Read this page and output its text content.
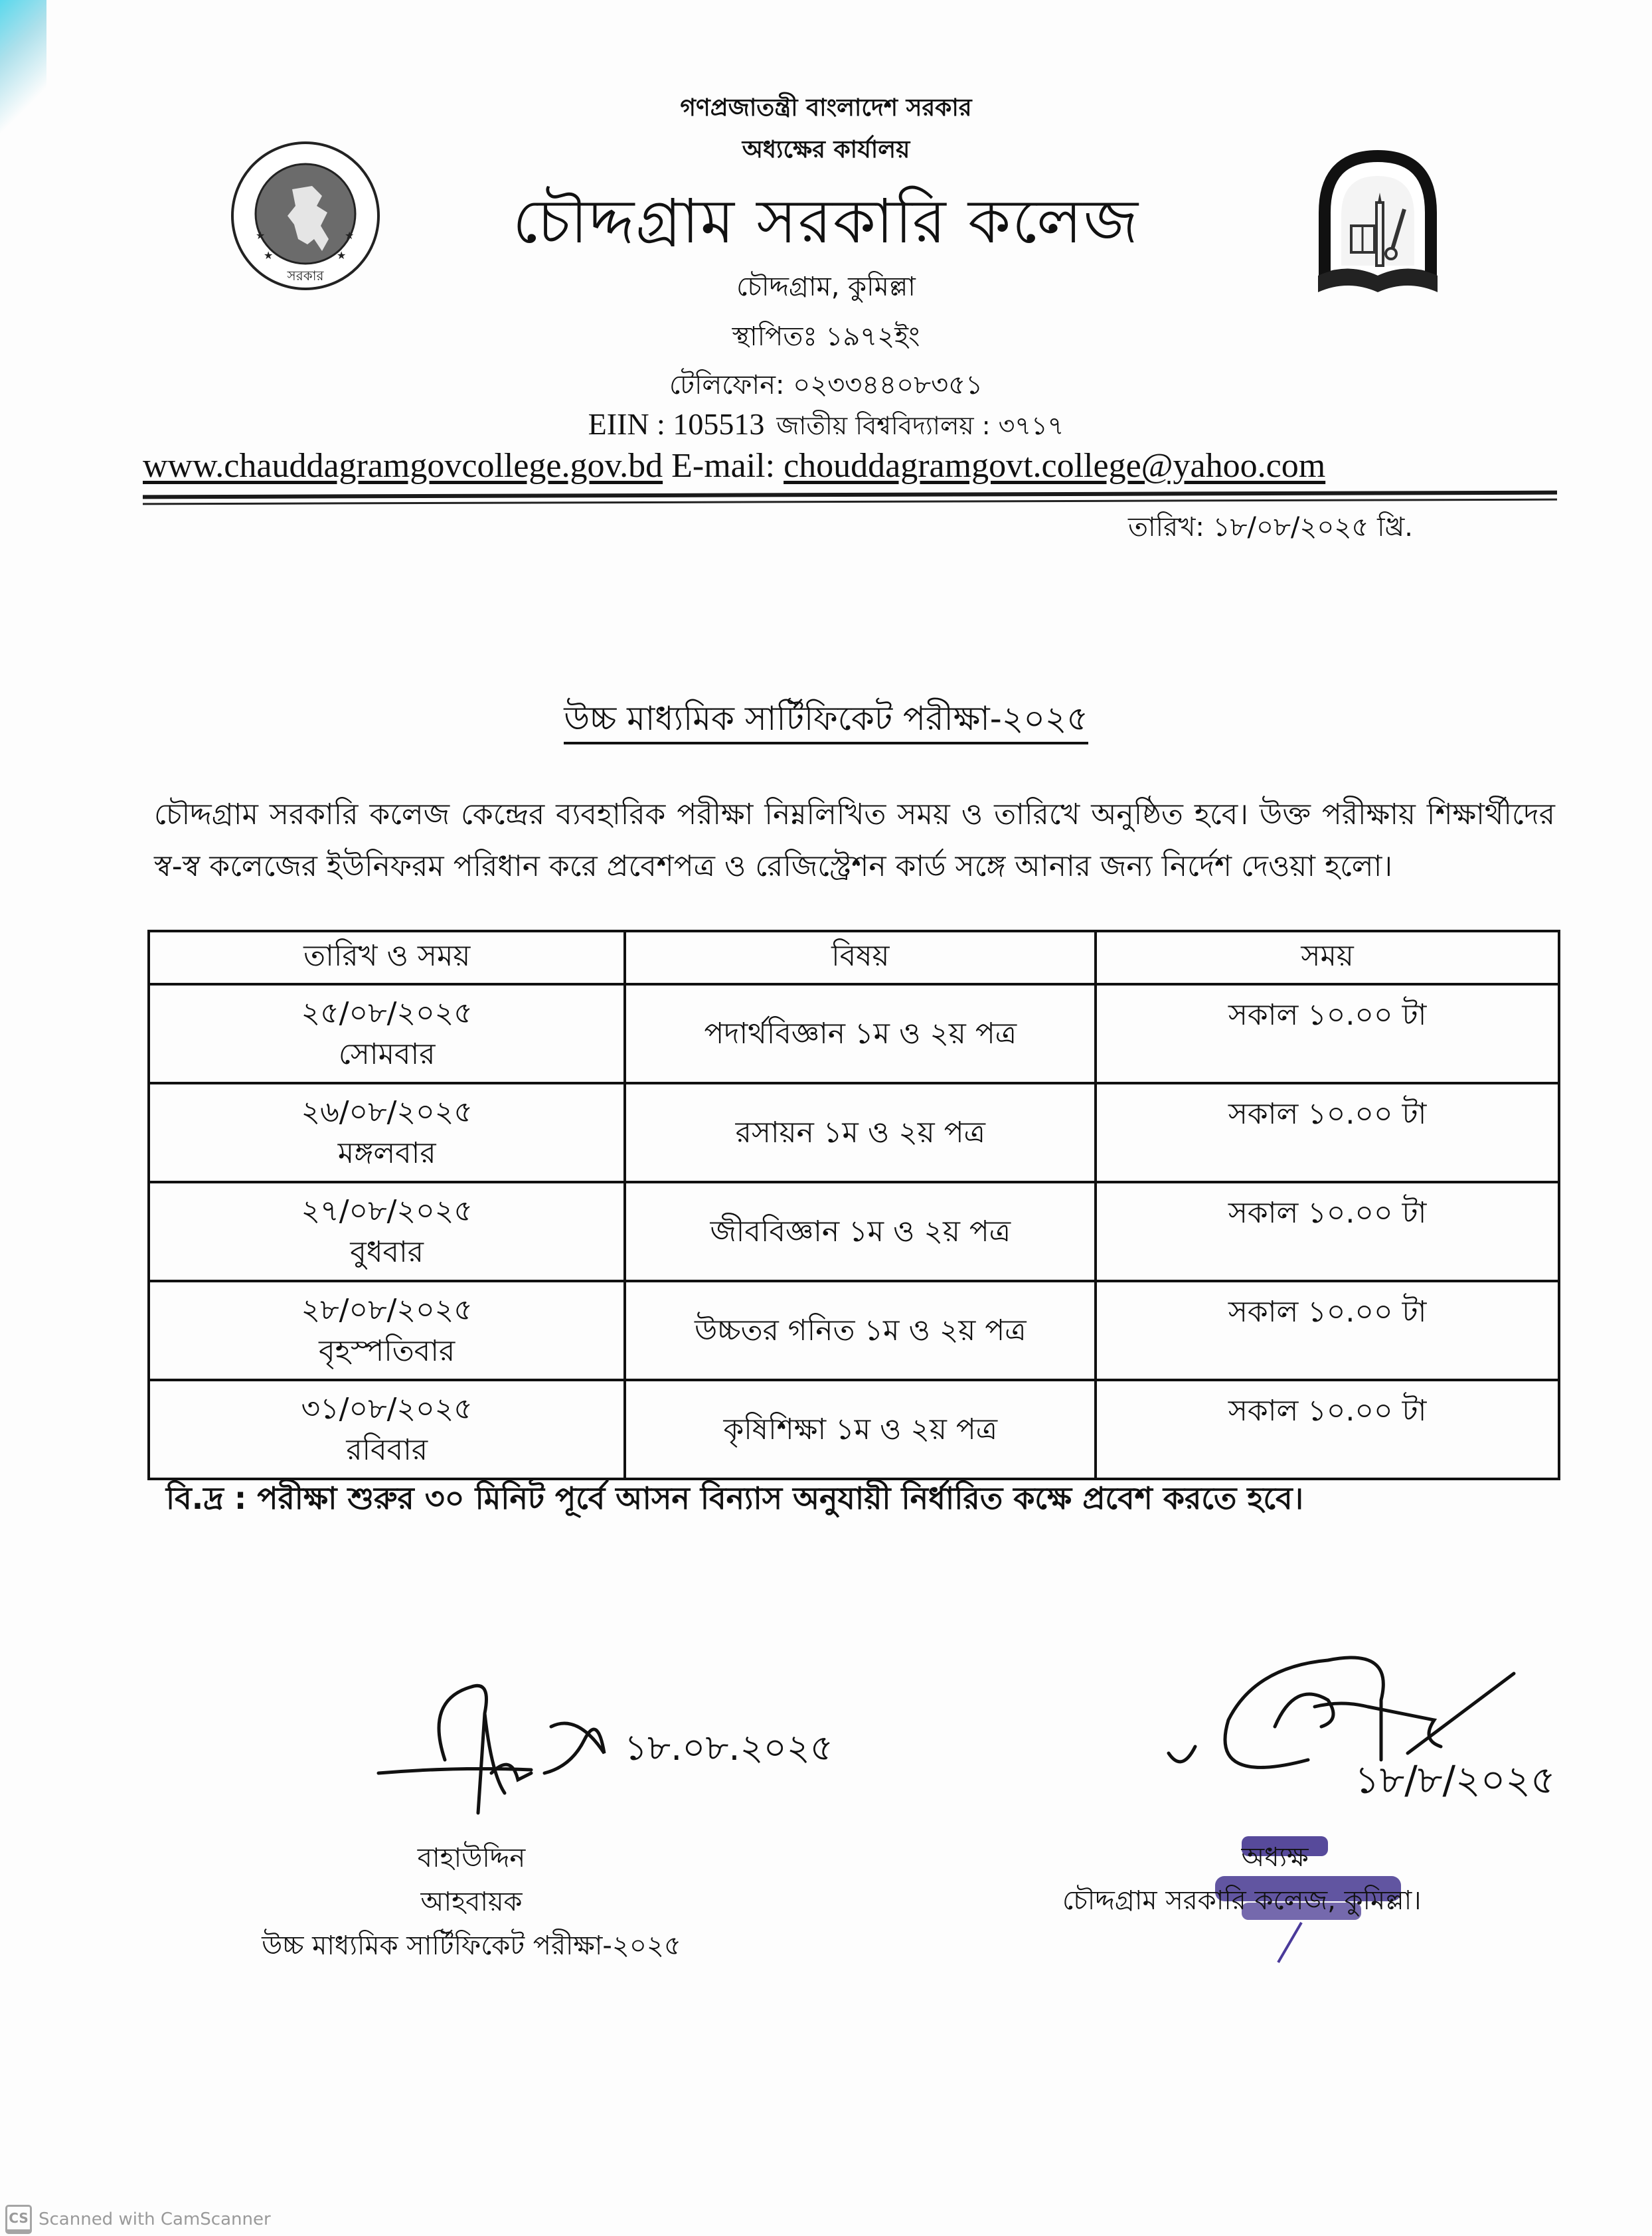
★	★
★	★
সরকার
গণপ্রজাতন্ত্রী বাংলাদেশ সরকার
অধ্যক্ষের কার্যালয়
চৌদ্দগ্রাম সরকারি কলেজ
চৌদ্দগ্রাম, কুমিল্লা
স্থাপিতঃ ১৯৭২ইং
টেলিফোন: ০২৩৩৪৪০৮৩৫১
EIIN : 105513 জাতীয় বিশ্ববিদ্যালয় : ৩৭১৭
www.chauddagramgovcollege.gov.bd E-mail: chouddagramgovt.college@yahoo.com
তারিখ: ১৮/০৮/২০২৫ খ্রি.
উচ্চ মাধ্যমিক সার্টিফিকেট পরীক্ষা-২০২৫
চৌদ্দগ্রাম সরকারি কলেজ কেন্দ্রের ব্যবহারিক পরীক্ষা নিম্নলিখিত সময় ও তারিখে অনুষ্ঠিত হবে। উক্ত পরীক্ষায় শিক্ষার্থীদের স্ব-স্ব কলেজের ইউনিফরম পরিধান করে প্রবেশপত্র ও রেজিস্ট্রেশন কার্ড সঙ্গে আনার জন্য নির্দেশ দেওয়া হলো।
তারিখ ও সময়	বিষয়	সময়

২৫/০৮/২০২৫
সোমবার	পদার্থবিজ্ঞান ১ম ও ২য় পত্র	সকাল ১০.০০ টা

২৬/০৮/২০২৫
মঙ্গলবার	রসায়ন ১ম ও ২য় পত্র	সকাল ১০.০০ টা

২৭/০৮/২০২৫
বুধবার	জীববিজ্ঞান ১ম ও ২য় পত্র	সকাল ১০.০০ টা

২৮/০৮/২০২৫
বৃহস্পতিবার	উচ্চতর গনিত ১ম ও ২য় পত্র	সকাল ১০.০০ টা

৩১/০৮/২০২৫
রবিবার	কৃষিশিক্ষা ১ম ও ২য় পত্র	সকাল ১০.০০ টা
বি.দ্র : পরীক্ষা শুরুর ৩০ মিনিট পূর্বে আসন বিন্যাস অনুযায়ী নির্ধারিত কক্ষে প্রবেশ করতে হবে।
১৮.০৮.২০২৫
বাহাউদ্দিন
আহবায়ক
উচ্চ মাধ্যমিক সার্টিফিকেট পরীক্ষা-২০২৫
১৮/৮/২০২৫
অধ্যক্ষ
চৌদ্দগ্রাম সরকারি কলেজ, কুমিল্লা।
CS Scanned with CamScanner
